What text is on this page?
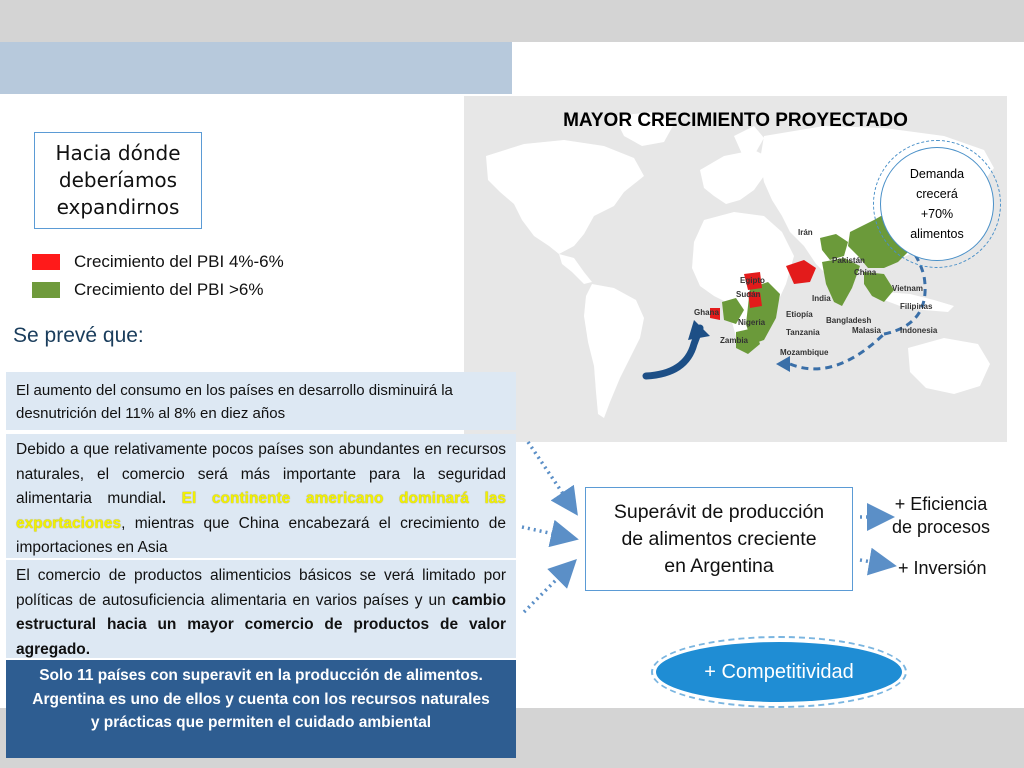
MAYOR CRECIMIENTO PROYECTADO
Irán
Pakistán
China
Egipto
Sudán	India
Vietnam
Filipinas
Etiopía
Ghana
Nigeria	Bangladesh
Malasia Indonesia
Tanzania
Zambia
Mozambique
Demanda
crecerá
+70%
alimentos
Hacia dónde
deberíamos
expandirnos
Crecimiento del PBI 4%-6%
Crecimiento del PBI >6%
Se prevé que:
El aumento del consumo en los países en desarrollo disminuirá la desnutrición del 11% al 8% en diez años
Debido a que relativamente pocos países son abundantes en recursos naturales, el comercio será más importante para la seguridad alimentaria mundial. El continente americano dominará las exportaciones, mientras que China encabezará el crecimiento de importaciones en Asia
El comercio de productos alimenticios básicos se verá limitado por políticas de autosuficiencia alimentaria en varios países y un cambio estructural hacia un mayor comercio de productos de valor agregado.
Solo 11 países con superavit en la producción de alimentos. Argentina es uno de ellos y cuenta con los recursos naturales y prácticas que permiten el cuidado ambiental
Superávit de producción
de alimentos creciente
en Argentina
+ Eficiencia
de procesos
+ Inversión
+ Competitividad
